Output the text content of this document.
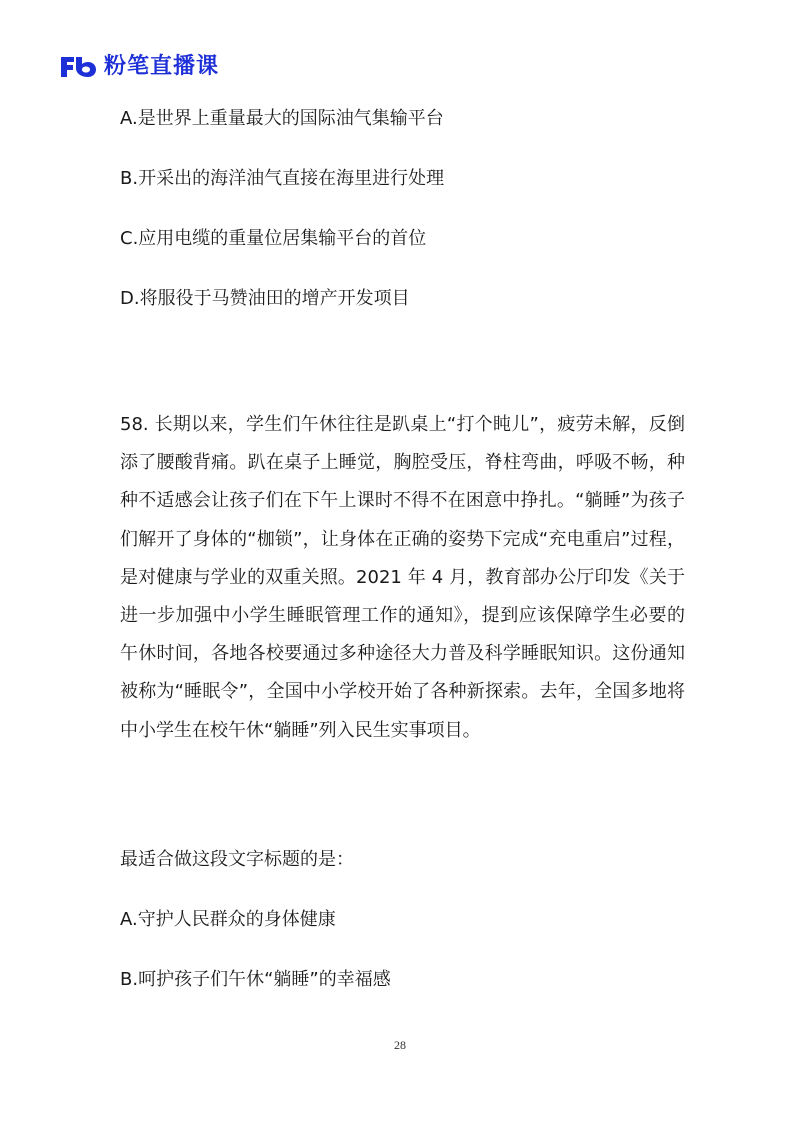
粉笔直播课
A.是世界上重量最大的国际油气集输平台
B.开采出的海洋油气直接在海里进行处理
C.应用电缆的重量位居集输平台的首位
D.将服役于马赞油田的增产开发项目
58. 长期以来，学生们午休往往是趴桌上“打个盹儿”，疲劳未解，反倒添了腰酸背痛。趴在桌子上睡觉，胸腔受压，脊柱弯曲，呼吸不畅，种种不适感会让孩子们在下午上课时不得不在困意中挣扎。“躺睡”为孩子们解开了身体的“枷锁”，让身体在正确的姿势下完成“充电重启”过程，是对健康与学业的双重关照。2021 年 4 月，教育部办公厅印发《关于进一步加强中小学生睡眠管理工作的通知》，提到应该保障学生必要的午休时间，各地各校要通过多种途径大力普及科学睡眠知识。这份通知被称为“睡眠令”，全国中小学校开始了各种新探索。去年，全国多地将中小学生在校午休“躺睡”列入民生实事项目。
最适合做这段文字标题的是：
A.守护人民群众的身体健康
B.呵护孩子们午休“躺睡”的幸福感
28
